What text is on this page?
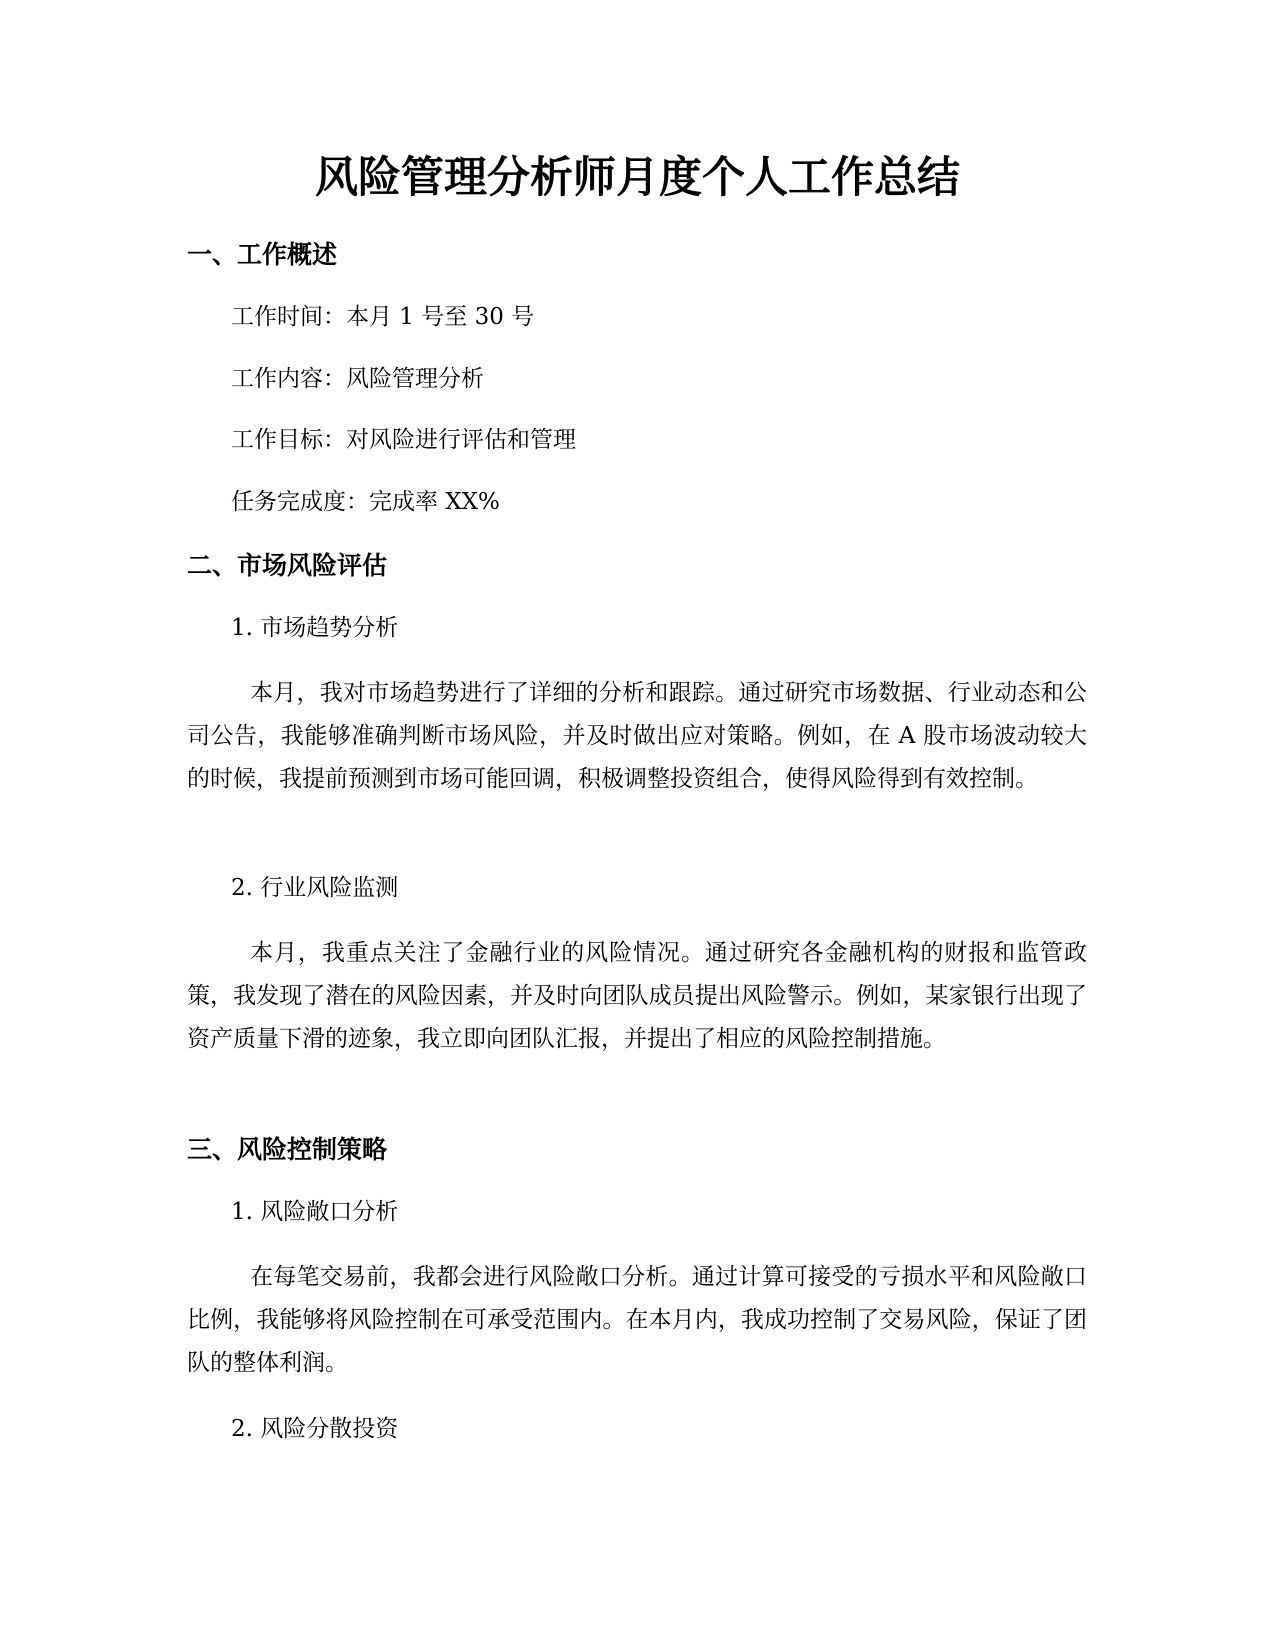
风险管理分析师月度个人工作总结
一、工作概述

工作时间：本月 1 号至 30 号

工作内容：风险管理分析

工作目标：对风险进行评估和管理

任务完成度：完成率 XX%

二、市场风险评估

1. 市场趋势分析

本月，我对市场趋势进行了详细的分析和跟踪。通过研究市场数据、行业动态和公司公告，我能够准确判断市场风险，并及时做出应对策略。例如，在 A 股市场波动较大的时候，我提前预测到市场可能回调，积极调整投资组合，使得风险得到有效控制。

2. 行业风险监测

本月，我重点关注了金融行业的风险情况。通过研究各金融机构的财报和监管政策，我发现了潜在的风险因素，并及时向团队成员提出风险警示。例如，某家银行出现了资产质量下滑的迹象，我立即向团队汇报，并提出了相应的风险控制措施。

三、风险控制策略

1. 风险敞口分析

在每笔交易前，我都会进行风险敞口分析。通过计算可接受的亏损水平和风险敞口比例，我能够将风险控制在可承受范围内。在本月内，我成功控制了交易风险，保证了团队的整体利润。

2. 风险分散投资
